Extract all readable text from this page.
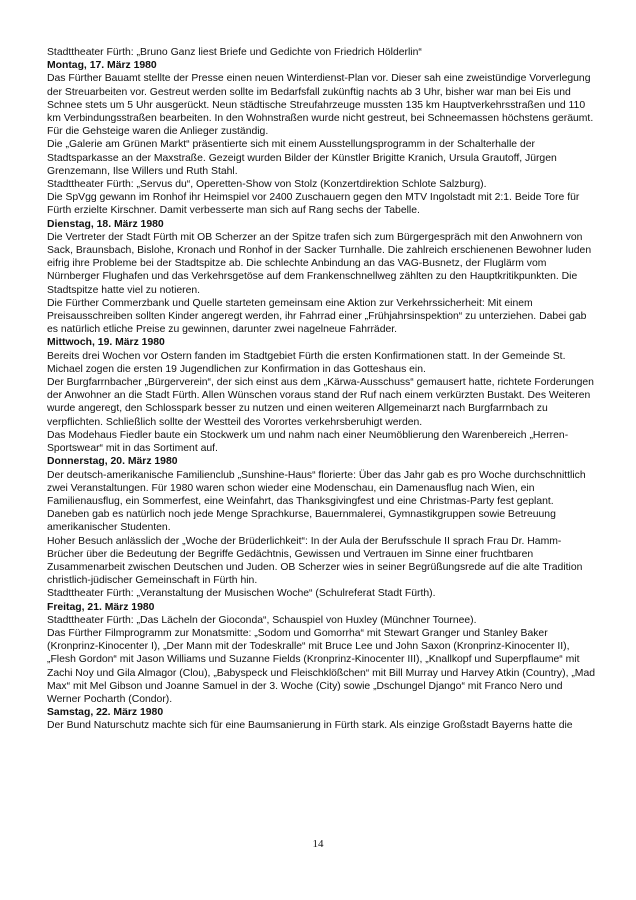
Stadttheater Fürth: „Bruno Ganz liest Briefe und Gedichte von Friedrich Hölderlin“

Montag, 17. März 1980

Das Fürther Bauamt stellte der Presse einen neuen Winterdienst-Plan vor. Dieser sah eine zweistündige Vorverlegung der Streuarbeiten vor. Gestreut werden sollte im Bedarfsfall zukünftig nachts ab 3 Uhr, bisher war man bei Eis und Schnee stets um 5 Uhr ausgerückt. Neun städtische Streufahrzeuge mussten 135 km Hauptverkehrsstraßen und 110 km Verbindungsstraßen bearbeiten. In den Wohnstraßen wurde nicht gestreut, bei Schneemassen höchstens geräumt. Für die Gehsteige waren die Anlieger zuständig.

Die „Galerie am Grünen Markt“ präsentierte sich mit einem Ausstellungsprogramm in der Schalterhalle der Stadtsparkasse an der Maxstraße. Gezeigt wurden Bilder der Künstler Brigitte Kranich, Ursula Grautoff, Jürgen Grenzemann, Ilse Willers und Ruth Stahl.

Stadttheater Fürth: „Servus du“, Operetten-Show von Stolz (Konzertdirektion Schlote Salzburg).

Die SpVgg gewann im Ronhof ihr Heimspiel vor 2400 Zuschauern gegen den MTV Ingolstadt mit 2:1. Beide Tore für Fürth erzielte Kirschner. Damit verbesserte man sich auf Rang sechs der Tabelle.

Dienstag, 18. März 1980

Die Vertreter der Stadt Fürth mit OB Scherzer an der Spitze trafen sich zum Bürgergespräch mit den Anwohnern von Sack, Braunsbach, Bislohe, Kronach und Ronhof in der Sacker Turnhalle. Die zahlreich erschienenen Bewohner luden eifrig ihre Probleme bei der Stadtspitze ab. Die schlechte Anbindung an das VAG-Busnetz, der Fluglärm vom Nürnberger Flughafen und das Verkehrsgetöse auf dem Frankenschnellweg zählten zu den Hauptkritikpunkten. Die Stadtspitze hatte viel zu notieren.

Die Fürther Commerzbank und Quelle starteten gemeinsam eine Aktion zur Verkehrssicherheit: Mit einem Preisausschreiben sollten Kinder angeregt werden, ihr Fahrrad einer „Frühjahrsinspektion“ zu unterziehen. Dabei gab es natürlich etliche Preise zu gewinnen, darunter zwei nagelneue Fahrräder.

Mittwoch, 19. März 1980

Bereits drei Wochen vor Ostern fanden im Stadtgebiet Fürth die ersten Konfirmationen statt. In der Gemeinde St. Michael zogen die ersten 19 Jugendlichen zur Konfirmation in das Gotteshaus ein.

Der Burgfarrnbacher „Bürgerverein“, der sich einst aus dem „Kärwa-Ausschuss“ gemausert hatte, richtete Forderungen der Anwohner an die Stadt Fürth. Allen Wünschen voraus stand der Ruf nach einem verkürzten Bustakt. Des Weiteren wurde angeregt, den Schlosspark besser zu nutzen und einen weiteren Allgemeinarzt nach Burgfarrnbach zu verpflichten. Schließlich sollte der Westteil des Vorortes verkehrsberuhigt werden.

Das Modehaus Fiedler baute ein Stockwerk um und nahm nach einer Neumöblierung den Warenbereich „Herren-Sportswear“ mit in das Sortiment auf.

Donnerstag, 20. März 1980

Der deutsch-amerikanische Familienclub „Sunshine-Haus“ florierte: Über das Jahr gab es pro Woche durchschnittlich zwei Veranstaltungen. Für 1980 waren schon wieder eine Modenschau, ein Damenausflug nach Wien, ein Familienausflug, ein Sommerfest, eine Weinfahrt, das Thanksgivingfest und eine Christmas-Party fest geplant. Daneben gab es natürlich noch jede Menge Sprachkurse, Bauernmalerei, Gymnastikgruppen sowie Betreuung amerikanischer Studenten.

Hoher Besuch anlässlich der „Woche der Brüderlichkeit“: In der Aula der Berufsschule II sprach Frau Dr. Hamm-Brücher über die Bedeutung der Begriffe Gedächtnis, Gewissen und Vertrauen im Sinne einer fruchtbaren Zusammenarbeit zwischen Deutschen und Juden. OB Scherzer wies in seiner Begrüßungsrede auf die alte Tradition christlich-jüdischer Gemeinschaft in Fürth hin.

Stadttheater Fürth: „Veranstaltung der Musischen Woche“ (Schulreferat Stadt Fürth).

Freitag, 21. März 1980

Stadttheater Fürth: „Das Lächeln der Gioconda“, Schauspiel von Huxley (Münchner Tournee).

Das Fürther Filmprogramm zur Monatsmitte: „Sodom und Gomorrha“ mit Stewart Granger und Stanley Baker (Kronprinz-Kinocenter I), „Der Mann mit der Todeskralle“ mit Bruce Lee und John Saxon (Kronprinz-Kinocenter II), „Flesh Gordon“ mit Jason Williams und Suzanne Fields (Kronprinz-Kinocenter III), „Knallkopf und Superpflaume“ mit Zachi Noy und Gila Almagor (Clou), „Babyspeck und Fleischklößchen“ mit Bill Murray und Harvey Atkin (Country), „Mad Max“ mit Mel Gibson und Joanne Samuel in der 3. Woche (City) sowie „Dschungel Django“ mit Franco Nero und Werner Pocharth (Condor).

Samstag, 22. März 1980

Der Bund Naturschutz machte sich für eine Baumsanierung in Fürth stark. Als einzige Großstadt Bayerns hatte die

14
